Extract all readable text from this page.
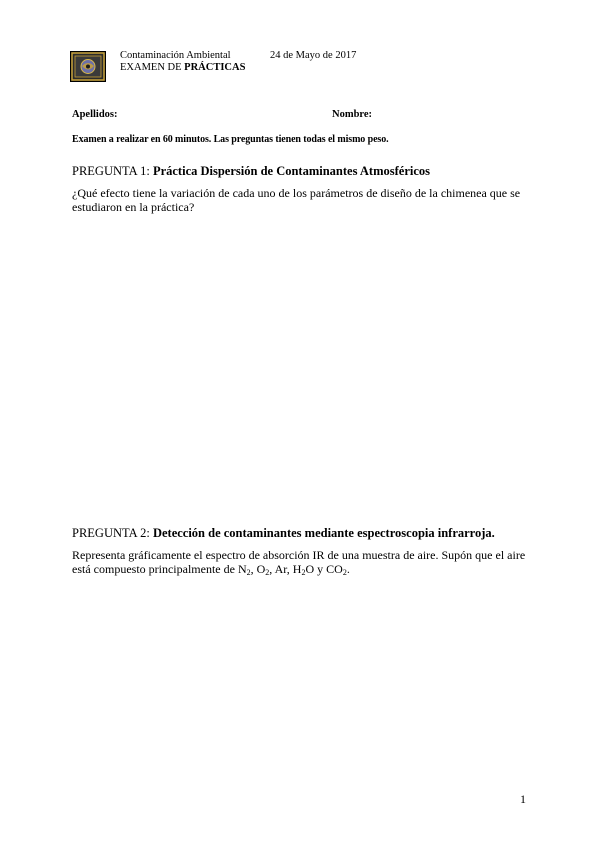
Contaminación Ambiental	24 de Mayo de 2017
EXAMEN DE PRÁCTICAS
Apellidos:	Nombre:
Examen a realizar en 60 minutos. Las preguntas tienen todas el mismo peso.
PREGUNTA 1: Práctica Dispersión de Contaminantes Atmosféricos
¿Qué efecto tiene la variación de cada uno de los parámetros de diseño de la chimenea que se estudiaron en la práctica?
PREGUNTA 2: Detección de contaminantes mediante espectroscopia infrarroja.
Representa gráficamente el espectro de absorción IR de una muestra de aire. Supón que el aire
está compuesto principalmente de $N_2$, $O_2$, Ar, $H_2O$ y $CO_2$.
1
